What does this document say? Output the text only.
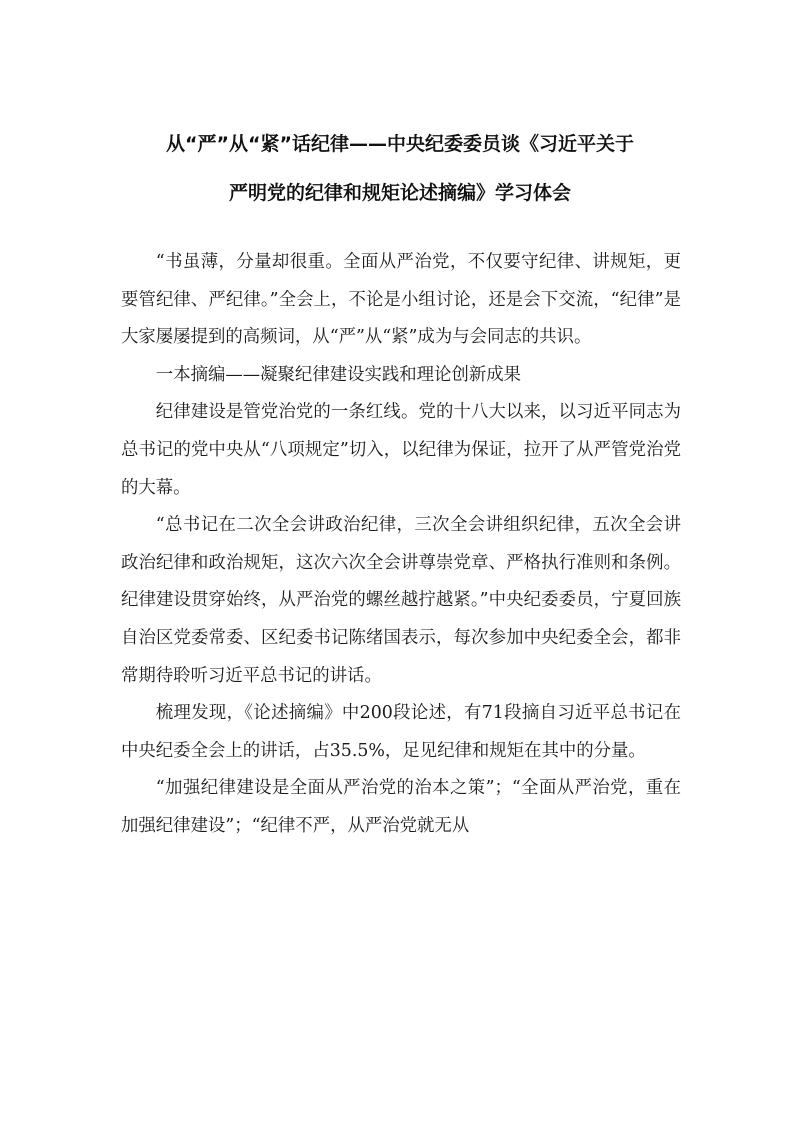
从“严”从“紧”话纪律——中央纪委委员谈《习近平关于
严明党的纪律和规矩论述摘编》学习体会

“书虽薄，分量却很重。全面从严治党，不仅要守纪律、讲规矩，更要管纪律、严纪律。”全会上，不论是小组讨论，还是会下交流，“纪律”是大家屡屡提到的高频词，从“严”从“紧”成为与会同志的共识。

一本摘编——凝聚纪律建设实践和理论创新成果

纪律建设是管党治党的一条红线。党的十八大以来，以习近平同志为总书记的党中央从“八项规定”切入，以纪律为保证，拉开了从严管党治党的大幕。

“总书记在二次全会讲政治纪律，三次全会讲组织纪律，五次全会讲政治纪律和政治规矩，这次六次全会讲尊崇党章、严格执行准则和条例。纪律建设贯穿始终，从严治党的螺丝越拧越紧。”中央纪委委员，宁夏回族自治区党委常委、区纪委书记陈绪国表示，每次参加中央纪委全会，都非常期待聆听习近平总书记的讲话。

梳理发现，《论述摘编》中200段论述，有71段摘自习近平总书记在中央纪委全会上的讲话，占35.5%，足见纪律和规矩在其中的分量。

“加强纪律建设是全面从严治党的治本之策”；“全面从严治党，重在加强纪律建设”；“纪律不严，从严治党就无从
